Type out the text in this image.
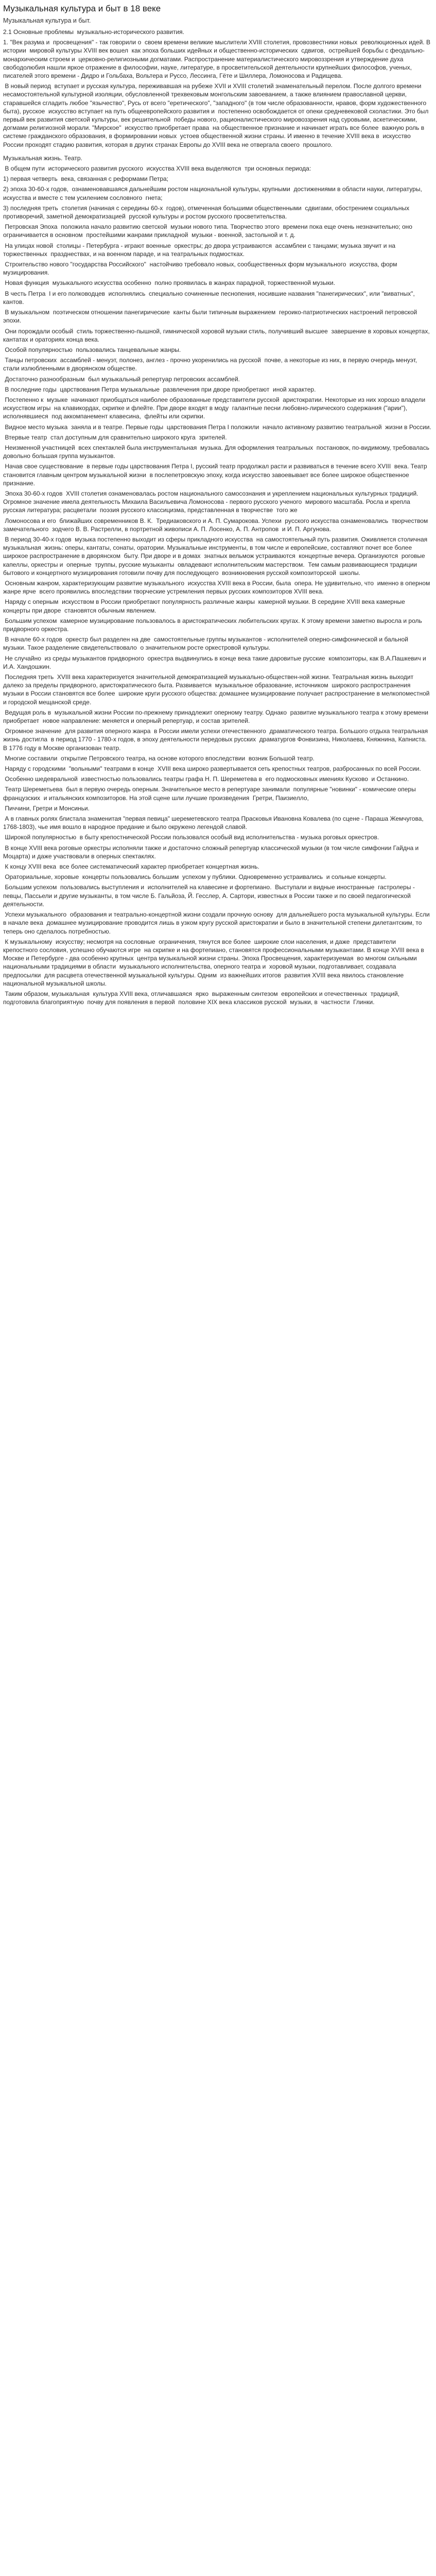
Музыкальная культура и быт в 18 веке
Музыкальная культура и быт.

2.1 Основные проблемы  музыкально-исторического развития.

1. "Век разума и  просвещения" - так говорили о  своем времени великие мыслители XVIII столетия, провозвестники новых  революционных идей. В истории  мировой культуры XVIII век вошел  как эпоха больших идейных и общественно-исторических  сдвигов,  острейшей борьбы с феодально-монархическим строем и  церковно-религиозными догматами. Распространение материалистического мировоззрения и утверждение духа свободолюбия нашли яркое отражение в философии, науке, литературе, в просветительской деятельности крупнейших философов, ученых, писателей этого времени - Дидро и Гольбаха, Вольтера и Руссо, Лессинга, Гёте и Шиллера, Ломоносова и Радищева.

В новый период  вступает и русская культура, переживавшая на рубеже XVII и XVIII столетий знаменательный перелом. После долгого времени несамостоятельной культурной изоляции, обусловленной трехвековым монгольским завоеванием, а также влиянием православной церкви, старавшейся сгладить любое "язычество", Русь от всего "еретического", "западного" (в том числе образованности, нравов, форм художественного быта), русское  искусство вступает на путь общеевропейского развития и  постепенно освобождается от опеки средневековой схоластики. Это был первый век развития светской культуры, век решительной  победы нового, рационалистического мировоззрения над суровыми, аскетическими,  догмами религиозной морали. "Мирское"  искусство приобретает права  на общественное признание и начинает играть все более  важную роль в системе гражданского образования, в формировании новых  устоев общественной жизни страны. И именно в течение XVIII века в  искусство России проходят стадию развития, которая в других странах Европы до XVIII века не отвергала своего  прошлого.

Музыкальная жизнь. Театр.

В общем пути  исторического развития русского  искусства XVIII века выделяются  три основных периода:

1) первая четверть  века, связанная с реформами Петра;

2) эпоха 30-60-х годов,  ознаменовавшаяся дальнейшим ростом национальной культуры, крупными  достижениями в области науки, литературы, искусства и вместе с тем усилением сословного  гнета;

3) последняя треть  столетия (начиная с середины 60-х  годов), отмеченная большими общественными  сдвигами, обострением социальных противоречий, заметной демократизацией  русской культуры и ростом русского просветительства.

Петровская Эпоха  положила начало развитию светской  музыки нового типа. Творчество этого  времени пока еще очень незначительно; оно ограничивается в основном  простейшими жанрами прикладной  музыки - военной, застольной и т. д.

На улицах новой  столицы - Петербурга - играют военные  оркестры; до двора устраиваются  ассамблеи с танцами; музыка звучит и на торжественных  празднествах, и на военном параде, и на театральных подмостках.

Строительство нового "государства Российского"  настойчиво требовало новых, сообщественных форм музыкального  искусства, форм музицирования.

Новая функция  музыкального искусства особенно  полно проявилась в жанрах парадной, торжественной музыки.

В честь Петра  I и его полководцев  исполнялись  специально сочиненные песнопения, носившие названия "панегирических", или "виватных", кантов.

В музыкальном  поэтическом отношении панегирические  канты были типичным выражением  героико-патриотических настроений петровской эпохи.

Они порождали особый  стиль торжественно-пышной, гимнической хоровой музыки стиль, получивший высшее  завершение в хоровых концертах, кантатах и ораториях конца века.

Особой популярностью  пользовались танцевальные жанры.

Танцы петровских  ассамблей - менуэт, полонез, англез - прочно укоренились на русской  почве, а некоторые из них, в первую очередь менуэт, стали излюбленными в дворянском обществе.

Достаточно разнообразным  был музыкальный репертуар петровских ассамблей.

В последние годы  царствования Петра музыкальные  развлечения при дворе приобретают  иной характер.

Постепенно к  музыке  начинают приобщаться наиболее образованные представители русской  аристократии. Некоторые из них хорошо владели искусством игры  на клавикордах, скрипке и флейте. При дворе входят в моду  галантные песни любовно-лирического содержания ("арии"), исполнявшиеся  под аккомпанемент клавесина,  флейты или скрипки.

Видное место музыка  заняла и в театре. Первые годы  царствования Петра I положили  начало активному развитию театральной  жизни в России.

Втервые театр  стал доступным для сравнительно широкого круга  зрителей.

Неизменной участницей  всех спектаклей была инструментальная  музыка. Для оформления театральных  постановок, по-видимому, требовалась довольно большая группа музыкантов.

Начав свое существование  в первые годы царствования Петра I, русский театр продолжал расти и развиваться в течение всего XVIII  века. Театр становится главным центром музыкальной жизни  в послепетровскую эпоху, когда искусство завоевывает все более широкое общественное признание.

Эпоха 30-60-х годов  XVIII столетия ознаменовалась ростом национального самосознания и укреплением национальных культурных традиций. Огромное значение имела деятельность Михаила Васильевича Ломоносова - первого русского ученого  мирового масштаба. Росла и крепла русская литература; расцветали  поэзия русского классицизма, представленная в творчестве  того же

Ломоносова и его  ближайших современников В. К.  Тредиаковского и А. П. Сумарокова. Успехи  русского искусства ознаменовались  творчеством замечательного  зодчего В. В. Растрелли, в портретной живописи А. П. Лосенко, А. П. Антропов  и И. П. Аргунова.

В период 30-40-х годов  музыка постепенно выходит из сферы прикладного искусства  на самостоятельный путь развития. Оживляется столичная музыкальная  жизнь: оперы, кантаты, сонаты, оратории. Музыкальные инструменты, в том числе и европейские, составляют почет все более  широкое распространение в дворянском  быту. При дворе и в домах  знатных вельмож устраиваются  концертные вечера. Организуются  роговые  капеллы, оркестры и  оперные  труппы, русские музыканты  овладевают исполнительским мастерством.  Тем самым развивающиеся традиции  бытового и концертного музицирования готовили почву для последующего  возникновения русской композиторской  школы.

Основным жанром, характеризующим развитие музыкального  искусства XVIII века в России, была  опера. Не удивительно, что  именно в оперном жанре ярче  всего проявились впоследствии творческие устремления первых русских композиторов XVIII века.

Наряду с оперным  искусством в России приобретают популярность различные жанры  камерной музыки. В середине XVIII века камерные концерты при дворе  становятся обычным явлением.

Большим успехом  камерное музицирование пользовалось в аристократических любительских кругах. К этому времени заметно выросла и роль придворного оркестра.

В начале 60-х годов  оркестр был разделен на две  самостоятельные группы музыкантов - исполнителей оперно-симфонической и бальной музыки. Такое разделение свидетельствовало  о значительном росте оркестровой культуры.

Не случайно  из среды музыкантов придворного  оркестра выдвинулись в конце века такие даровитые русские  композиторы, как В.А.Пашкевич и И.А. Хандошкин.

Последняя треть  XVIII века характеризуется значительной демократизацией музыкально-обществен-ной жизни. Театральная жизнь выходит далеко за пределы придворного, аристократического быта. Развивается  музыкальное образование, источником  широкого распространения  музыки в России становятся все более  широкие круги русского общества: домашнее музицирование получает распространение в мелкопоместной и городской мещанской среде.

Ведущая роль в  музыкальной жизни России по-прежнему принадлежит оперному театру. Однако  развитие музыкального театра к этому времени приобретает  новое направление: меняется и оперный репертуар, и состав зрителей.

Огромное значение  для развития оперного жанра  в России имели успехи отечественного  драматического театра. Большого отдыха театральная жизнь достигла  в период 1770 - 1780-х годов, в эпоху деятельности передовых русских  драматургов Фонвизина, Николаева, Княжнина, Капниста. В 1776 году в Москве организован театр.

Многие составили  открытие Петровского театра, на основе которого впоследствии  возник Большой театр.

Наряду с городскими  "вольными" театрами в конце  XVIII века широко развертывается сеть крепостных театров, разбросанных по всей России.

Особенно шедевральной  известностью пользовались театры графа Н. П. Шереметева в  его подмосковных имениях Кусково  и Останкино.

Театр Шереметьева  был в первую очередь оперным. Значительное место в репертуаре занимали  популярные "новинки" - комические оперы французских  и итальянских композиторов. На этой сцене шли лучшие произведения  Гретри, Паизиелло,

Пиччини, Гретри и Монсиньи.

А в главных ролях блистала знаменитая "первая певица" шереметевского театра Прасковья Ивановна Ковалева (по сцене - Параша Жемчугова, 1768-1803), чье имя вошло в народное предание и было окружено легендой славой.

Широкой популярностью  в быту крепостнической России пользовался особый вид исполнительства - музыка роговых оркестров.

В конце XVIII века роговые оркестры исполняли также и достаточно сложный репертуар классической музыки (в том числе симфонии Гайдна и Моцарта) и даже участвовали в оперных спектаклях.

К концу XVIII века  все более систематический характер приобретает концертная жизнь.

Ораториальные, хоровые  концерты пользовались большим  успехом у публики. Одновременно устраивались  и сольные концерты.

Большим успехом  пользовались выступления и  исполнителей на клавесине и фортепиано.  Выступали и видные иностранные  гастролеры - певцы, Пассьели и другие музыканты, в том числе Б. Гальйоза, Й. Гесслер, А. Сартори, известных в России также и по своей педагогической деятельности.

Успехи музыкального  образования и театрально-концертной жизни создали прочную основу  для дальнейшего роста музыкальной культуры. Если в начале века  домашнее музицирование проводится лишь в узком кругу русской аристократии и было в значительной степени дилетантским, то теперь оно сделалось потребностью.

К музыкальному  искусству; несмотря на сословные  ограничения, тянутся все более  широкие слои населения, и даже  представители крепостного сословия, успешно обучаются игре  на скрипке и на фортепиано, становятся профессиональными музыкантами. В конце XVIII века в Москве и Петербурге - два особенно крупных  центра музыкальной жизни страны. Эпоха Просвещения, характеризуемая  во многом сильными национальными традициями в области  музыкального исполнительства, оперного театра и  хоровой музыки, подготавливает, создавала предпосылки  для расцвета отечественной музыкальной культуры. Одним  из важнейших итогов  развития XVIII века явилось становление  национальной музыкальной школы.

Таким образом, музыкальная  культура XVIII века, отличавшаяся  ярко  выраженным синтезом  европейских и отечественных  традиций, подготовила благоприятную  почву для появления в первой  половине XIX века классиков русской  музыки, в  частности  Глинки.
